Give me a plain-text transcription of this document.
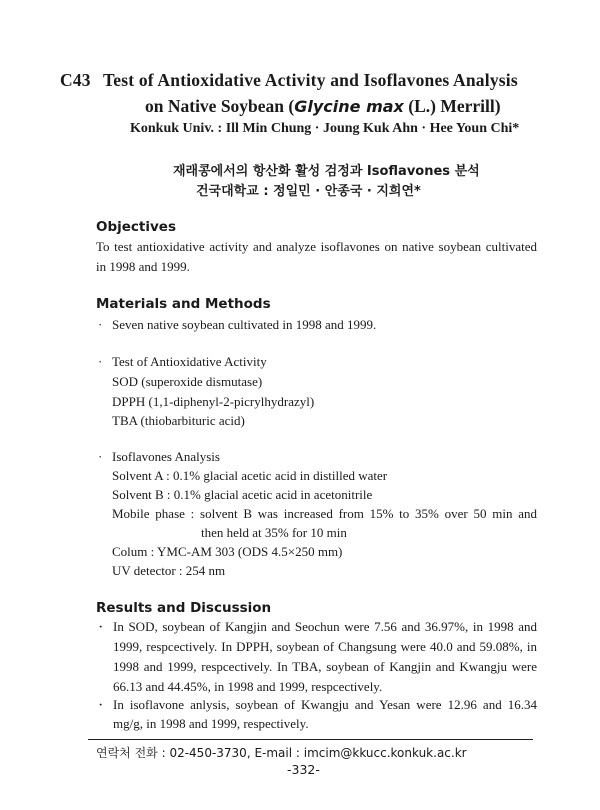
C43 Test of Antioxidative Activity and Isoflavones Analysis
on Native Soybean (Glycine max (L.) Merrill)
Konkuk Univ. : Ill Min Chung · Joung Kuk Ahn · Hee Youn Chi*
재래콩에서의 항산화 활성 검정과 Isoflavones 분석
건국대학교 : 정일민 · 안종국 · 지희연*
Objectives
To test antioxidative activity and analyze isoflavones on native soybean cultivated
in 1998 and 1999.
Materials and Methods
· Seven native soybean cultivated in 1998 and 1999.
· Test of Antioxidative Activity
SOD (superoxide dismutase)
DPPH (1,1-diphenyl-2-picrylhydrazyl)
TBA (thiobarbituric acid)
· Isoflavones Analysis
Solvent A : 0.1% glacial acetic acid in distilled water
Solvent B : 0.1% glacial acetic acid in acetonitrile
Mobile phase : solvent B was increased from 15% to 35% over 50 min and
then held at 35% for 10 min
Colum : YMC-AM 303 (ODS 4.5×250 mm)
UV detector : 254 nm
Results and Discussion
· In SOD, soybean of Kangjin and Seochun were 7.56 and 36.97%, in 1998 and
1999, respcectively. In DPPH, soybean of Changsung were 40.0 and 59.08%, in
1998 and 1999, respcectively. In TBA, soybean of Kangjin and Kwangju were
66.13 and 44.45%, in 1998 and 1999, respcectively.
· In isoflavone anlysis, soybean of Kwangju and Yesan were 12.96 and 16.34
mg/g, in 1998 and 1999, respectively.
연락처 전화 : 02-450-3730, E-mail : imcim@kkucc.konkuk.ac.kr
-332-
